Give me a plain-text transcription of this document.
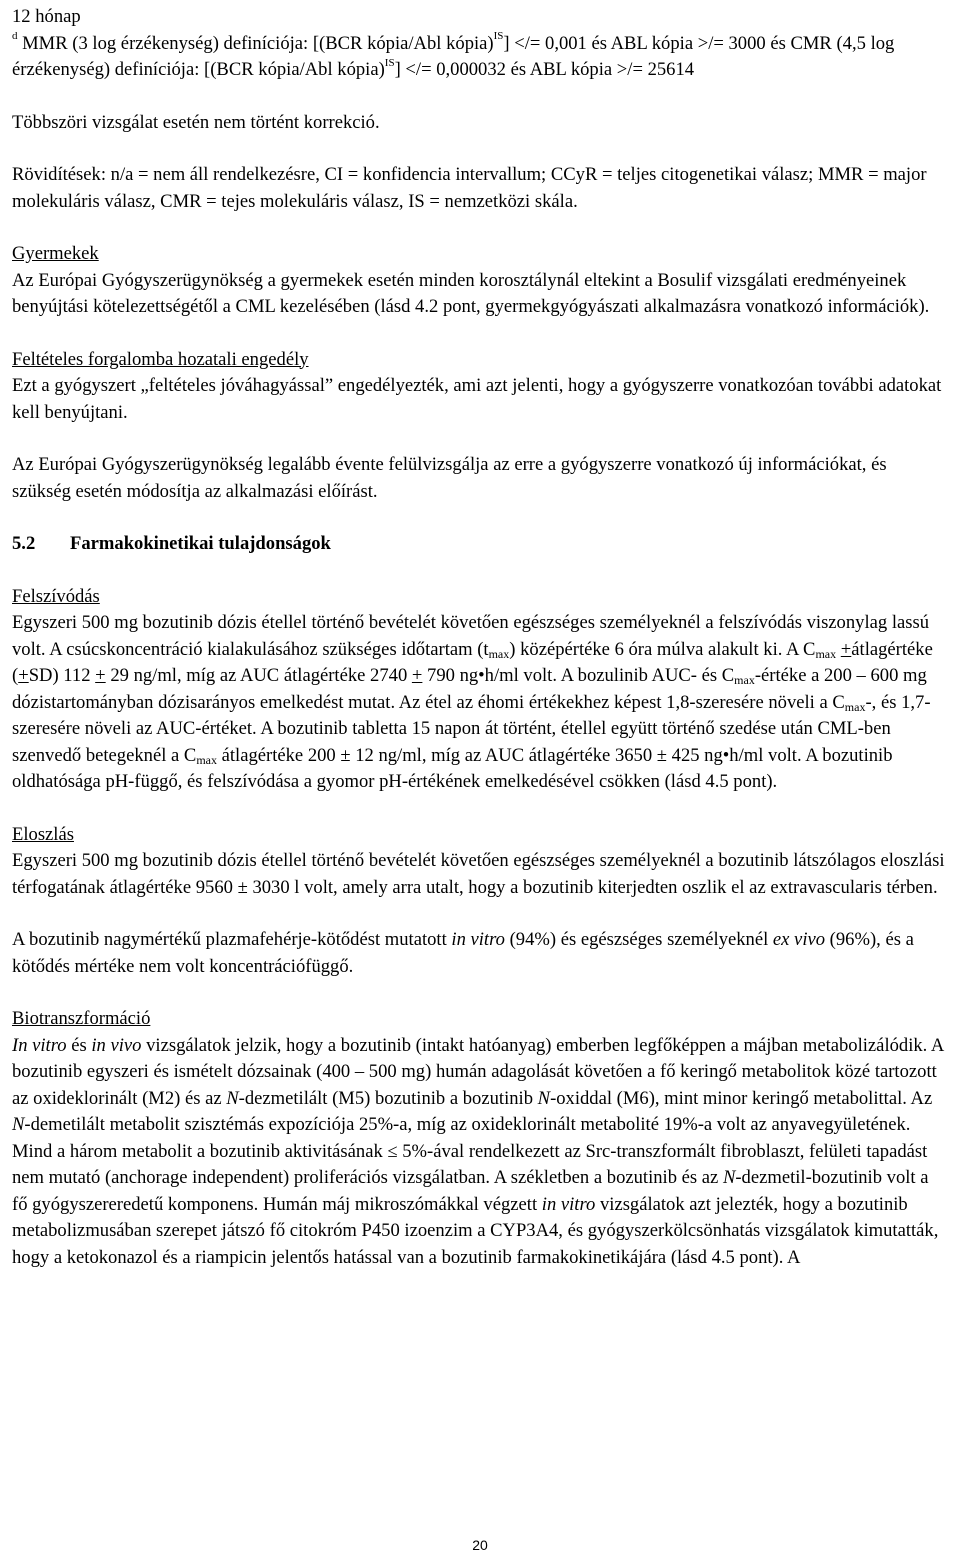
12 hónap

$^d$ MMR (3 log érzékenység) definíciója: [(BCR kópia/Abl kópia)$^{IS}$] </= 0,001 és ABL kópia >/= 3000 és CMR (4,5 log érzékenység) definíciója: [(BCR kópia/Abl kópia)$^{IS}$] </= 0,000032 és ABL kópia >/= 25614

Többszöri vizsgálat esetén nem történt korrekció.

Rövidítések: n/a = nem áll rendelkezésre, CI = konfidencia intervallum; CCyR = teljes citogenetikai válasz; MMR = major molekuláris válasz, CMR = tejes molekuláris válasz, IS = nemzetközi skála.

Gyermekek

Az Európai Gyógyszerügynökség a gyermekek esetén minden korosztálynál eltekint a Bosulif vizsgálati eredményeinek benyújtási kötelezettségétől a CML kezelésében (lásd 4.2 pont, gyermekgyógyászati alkalmazásra vonatkozó információk).

Feltételes forgalomba hozatali engedély

Ezt a gyógyszert „feltételes jóváhagyással” engedélyezték, ami azt jelenti, hogy a gyógyszerre vonatkozóan további adatokat kell benyújtani.

Az Európai Gyógyszerügynökség legalább évente felülvizsgálja az erre a gyógyszerre vonatkozó új információkat, és szükség esetén módosítja az alkalmazási előírást.

5.2 Farmakokinetikai tulajdonságok

Felszívódás

Egyszeri 500 mg bozutinib dózis étellel történő bevételét követően egészséges személyeknél a felszívódás viszonylag lassú volt. A csúcskoncentráció kialakulásához szükséges időtartam $(t_{max})$ középértéke 6 óra múlva alakult ki. A $C_{max}$ +átlagértéke (+SD) 112 + 29 ng/ml, míg az AUC átlagértéke 2740 + 790 ng•h/ml volt. A bozulinib AUC- és $C_{max}$-értéke a 200 – 600 mg dózistartományban dózisarányos emelkedést mutat. Az étel az éhomi értékekhez képest 1,8-szeresére növeli a $C_{max}-$, és 1,7-szeresére növeli az AUC-értéket. A bozutinib tabletta 15 napon át történt, étellel együtt történő szedése után CML-ben szenvedő betegeknél a $C_{max}$ átlagértéke 200 ± 12 ng/ml, míg az AUC átlagértéke 3650 ± 425 ng•h/ml volt. A bozutinib oldhatósága pH-függő, és felszívódása a gyomor pH-értékének emelkedésével csökken (lásd 4.5 pont).

Eloszlás

Egyszeri 500 mg bozutinib dózis étellel történő bevételét követően egészséges személyeknél a bozutinib látszólagos eloszlási térfogatának átlagértéke 9560 ± 3030 l volt, amely arra utalt, hogy a bozutinib kiterjedten oszlik el az extravascularis térben.

A bozutinib nagymértékű plazmafehérje-kötődést mutatott in vitro (94%) és egészséges személyeknél ex vivo (96%), és a kötődés mértéke nem volt koncentrációfüggő.

Biotranszformáció

In vitro és in vivo vizsgálatok jelzik, hogy a bozutinib (intakt hatóanyag) emberben legfőképpen a májban metabolizálódik. A bozutinib egyszeri és ismételt dózsainak (400 – 500 mg) humán adagolását követően a fő keringő metabolitok közé tartozott az oxideklorinált (M2) és az N-dezmetilált (M5) bozutinib a bozutinib N-oxiddal (M6), mint minor keringő metabolittal. Az N-demetilált metabolit szisztémás expozíciója 25%-a, míg az oxideklorinált metabolité 19%-a volt az anyavegyületének. Mind a három metabolit a bozutinib aktivitásának ≤ 5%-ával rendelkezett az Src-transzformált fibroblaszt, felületi tapadást nem mutató (anchorage independent) proliferációs vizsgálatban. A székletben a bozutinib és az N-dezmetil-bozutinib volt a fő gyógyszereredetű komponens. Humán máj mikroszómákkal végzett in vitro vizsgálatok azt jelezték, hogy a bozutinib metabolizmusában szerepet játszó fő citokróm P450 izoenzim a CYP3A4, és gyógyszerkölcsönhatás vizsgálatok kimutatták, hogy a ketokonazol és a riampicin jelentős hatással van a bozutinib farmakokinetikájára (lásd 4.5 pont). A

20
